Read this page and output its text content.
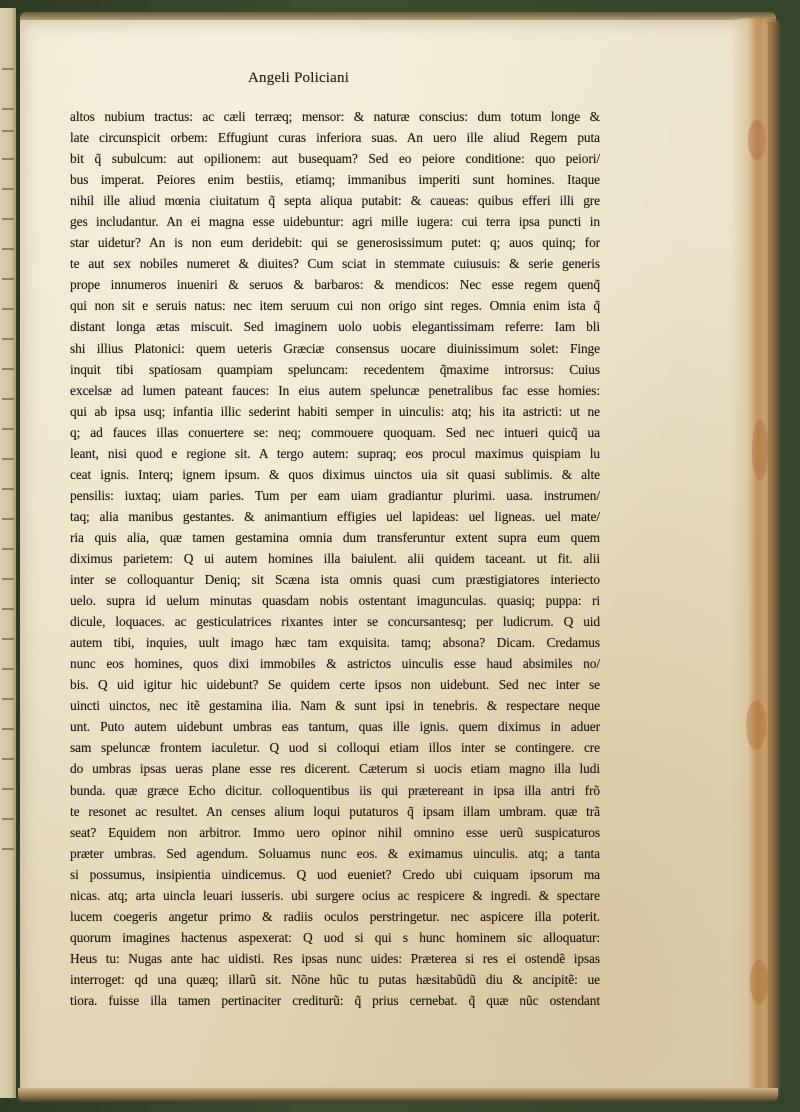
Angeli Policiani
altos nubium tractus: ac cæli terræq; mensor: & naturæ conscius: dum totum longe &
late circunspicit orbem: Effugiunt curas inferiora suas. An uero ille aliud Regem puta
bit q̃ subulcum: aut opilionem: aut busequam? Sed eo peiore conditione: quo peiori/
bus imperat. Peiores enim bestiis, etiamq; immanibus imperiti sunt homines. Itaque
nihil ille aliud mœnia ciuitatum q̃ septa aliqua putabit: & caueas: quibus efferi illi gre
ges includantur. An ei magna esse uidebuntur: agri mille iugera: cui terra ipsa puncti in
star uidetur? An is non eum deridebit: qui se generosissimum putet: q; auos quinq; for
te aut sex nobiles numeret & diuites? Cum sciat in stemmate cuiusuis: & serie generis
prope innumeros inueniri & seruos & barbaros: & mendicos: Nec esse regem quenq̃
qui non sit e seruis natus: nec item seruum cui non origo sint reges. Omnia enim ista q̃
distant longa ætas miscuit. Sed imaginem uolo uobis elegantissimam referre: Iam bli
shi illius Platonici: quem ueteris Græciæ consensus uocare diuinissimum solet: Finge
inquit tibi spatiosam quampiam speluncam: recedentem q̃maxime introrsus: Cuius
excelsæ ad lumen pateant fauces: In eius autem speluncæ penetralibus fac esse homies:
qui ab ipsa usq; infantia illic sederint habiti semper in uinculis: atq; his ita astricti: ut ne
q; ad fauces illas conuertere se: neq; commouere quoquam. Sed nec intueri quicq̃ ua
leant, nisi quod e regione sit. A tergo autem: supraq; eos procul maximus quispiam lu
ceat ignis. Interq; ignem ipsum. & quos diximus uinctos uia sit quasi sublimis. & alte
pensilis: iuxtaq; uiam paries. Tum per eam uiam gradiantur plurimi. uasa. instrumen/
taq; alia manibus gestantes. & animantium effigies uel lapideas: uel ligneas. uel mate/
ria quis alia, quæ tamen gestamina omnia dum transferuntur extent supra eum quem
diximus parietem: Q ui autem homines illa baiulent. alii quidem taceant. ut fit. alii
inter se colloquantur Deniq; sit Scæna ista omnis quasi cum præstigiatores interiecto
uelo. supra id uelum minutas quasdam nobis ostentant imagunculas. quasiq; puppa: ri
dicule, loquaces. ac gesticulatrices rixantes inter se concursantesq; per ludicrum. Q uid
autem tibi, inquies, uult imago hæc tam exquisita. tamq; absona? Dicam. Credamus
nunc eos homines, quos dixi immobiles & astrictos uinculis esse haud absimiles no/
bis. Q uid igitur hic uidebunt? Se quidem certe ipsos non uidebunt. Sed nec inter se
uincti uinctos, nec itẽ gestamina ilia. Nam & sunt ipsi in tenebris. & respectare neque
unt. Puto autem uidebunt umbras eas tantum, quas ille ignis. quem diximus in aduer
sam speluncæ frontem iaculetur. Q uod si colloqui etiam illos inter se contingere. cre
do umbras ipsas ueras plane esse res dicerent. Cæterum si uocis etiam magno illa ludi
bunda. quæ græce Echo dicitur. colloquentibus iis qui prætereant in ipsa illa antri frõ
te resonet ac resultet. An censes alium loqui putaturos q̃ ipsam illam umbram. quæ trã
seat? Equidem non arbitror. Immo uero opinor nihil omnino esse uerũ suspicaturos
præter umbras. Sed agendum. Soluamus nunc eos. & eximamus uinculis. atq; a tanta
si possumus, insipientia uindicemus. Q uod eueniet? Credo ubi cuiquam ipsorum ma
nicas. atq; arta uincla leuari iusseris. ubi surgere ocius ac respicere & ingredi. & spectare
lucem coegeris angetur primo & radiis oculos perstringetur. nec aspicere illa poterit.
quorum imagines hactenus aspexerat: Q uod si qui s hunc hominem sic alloquatur:
Heus tu: Nugas ante hac uidisti. Res ipsas nunc uides: Præterea si res ei ostendẽ ipsas
interroget: qd una quæq; illarũ sit. Nõne hũc tu putas hæsitabũdũ diu & ancipitẽ: ue
tiora. fuisse illa tamen pertinaciter crediturũ: q̃ prius cernebat. q̃ quæ nũc ostendant
